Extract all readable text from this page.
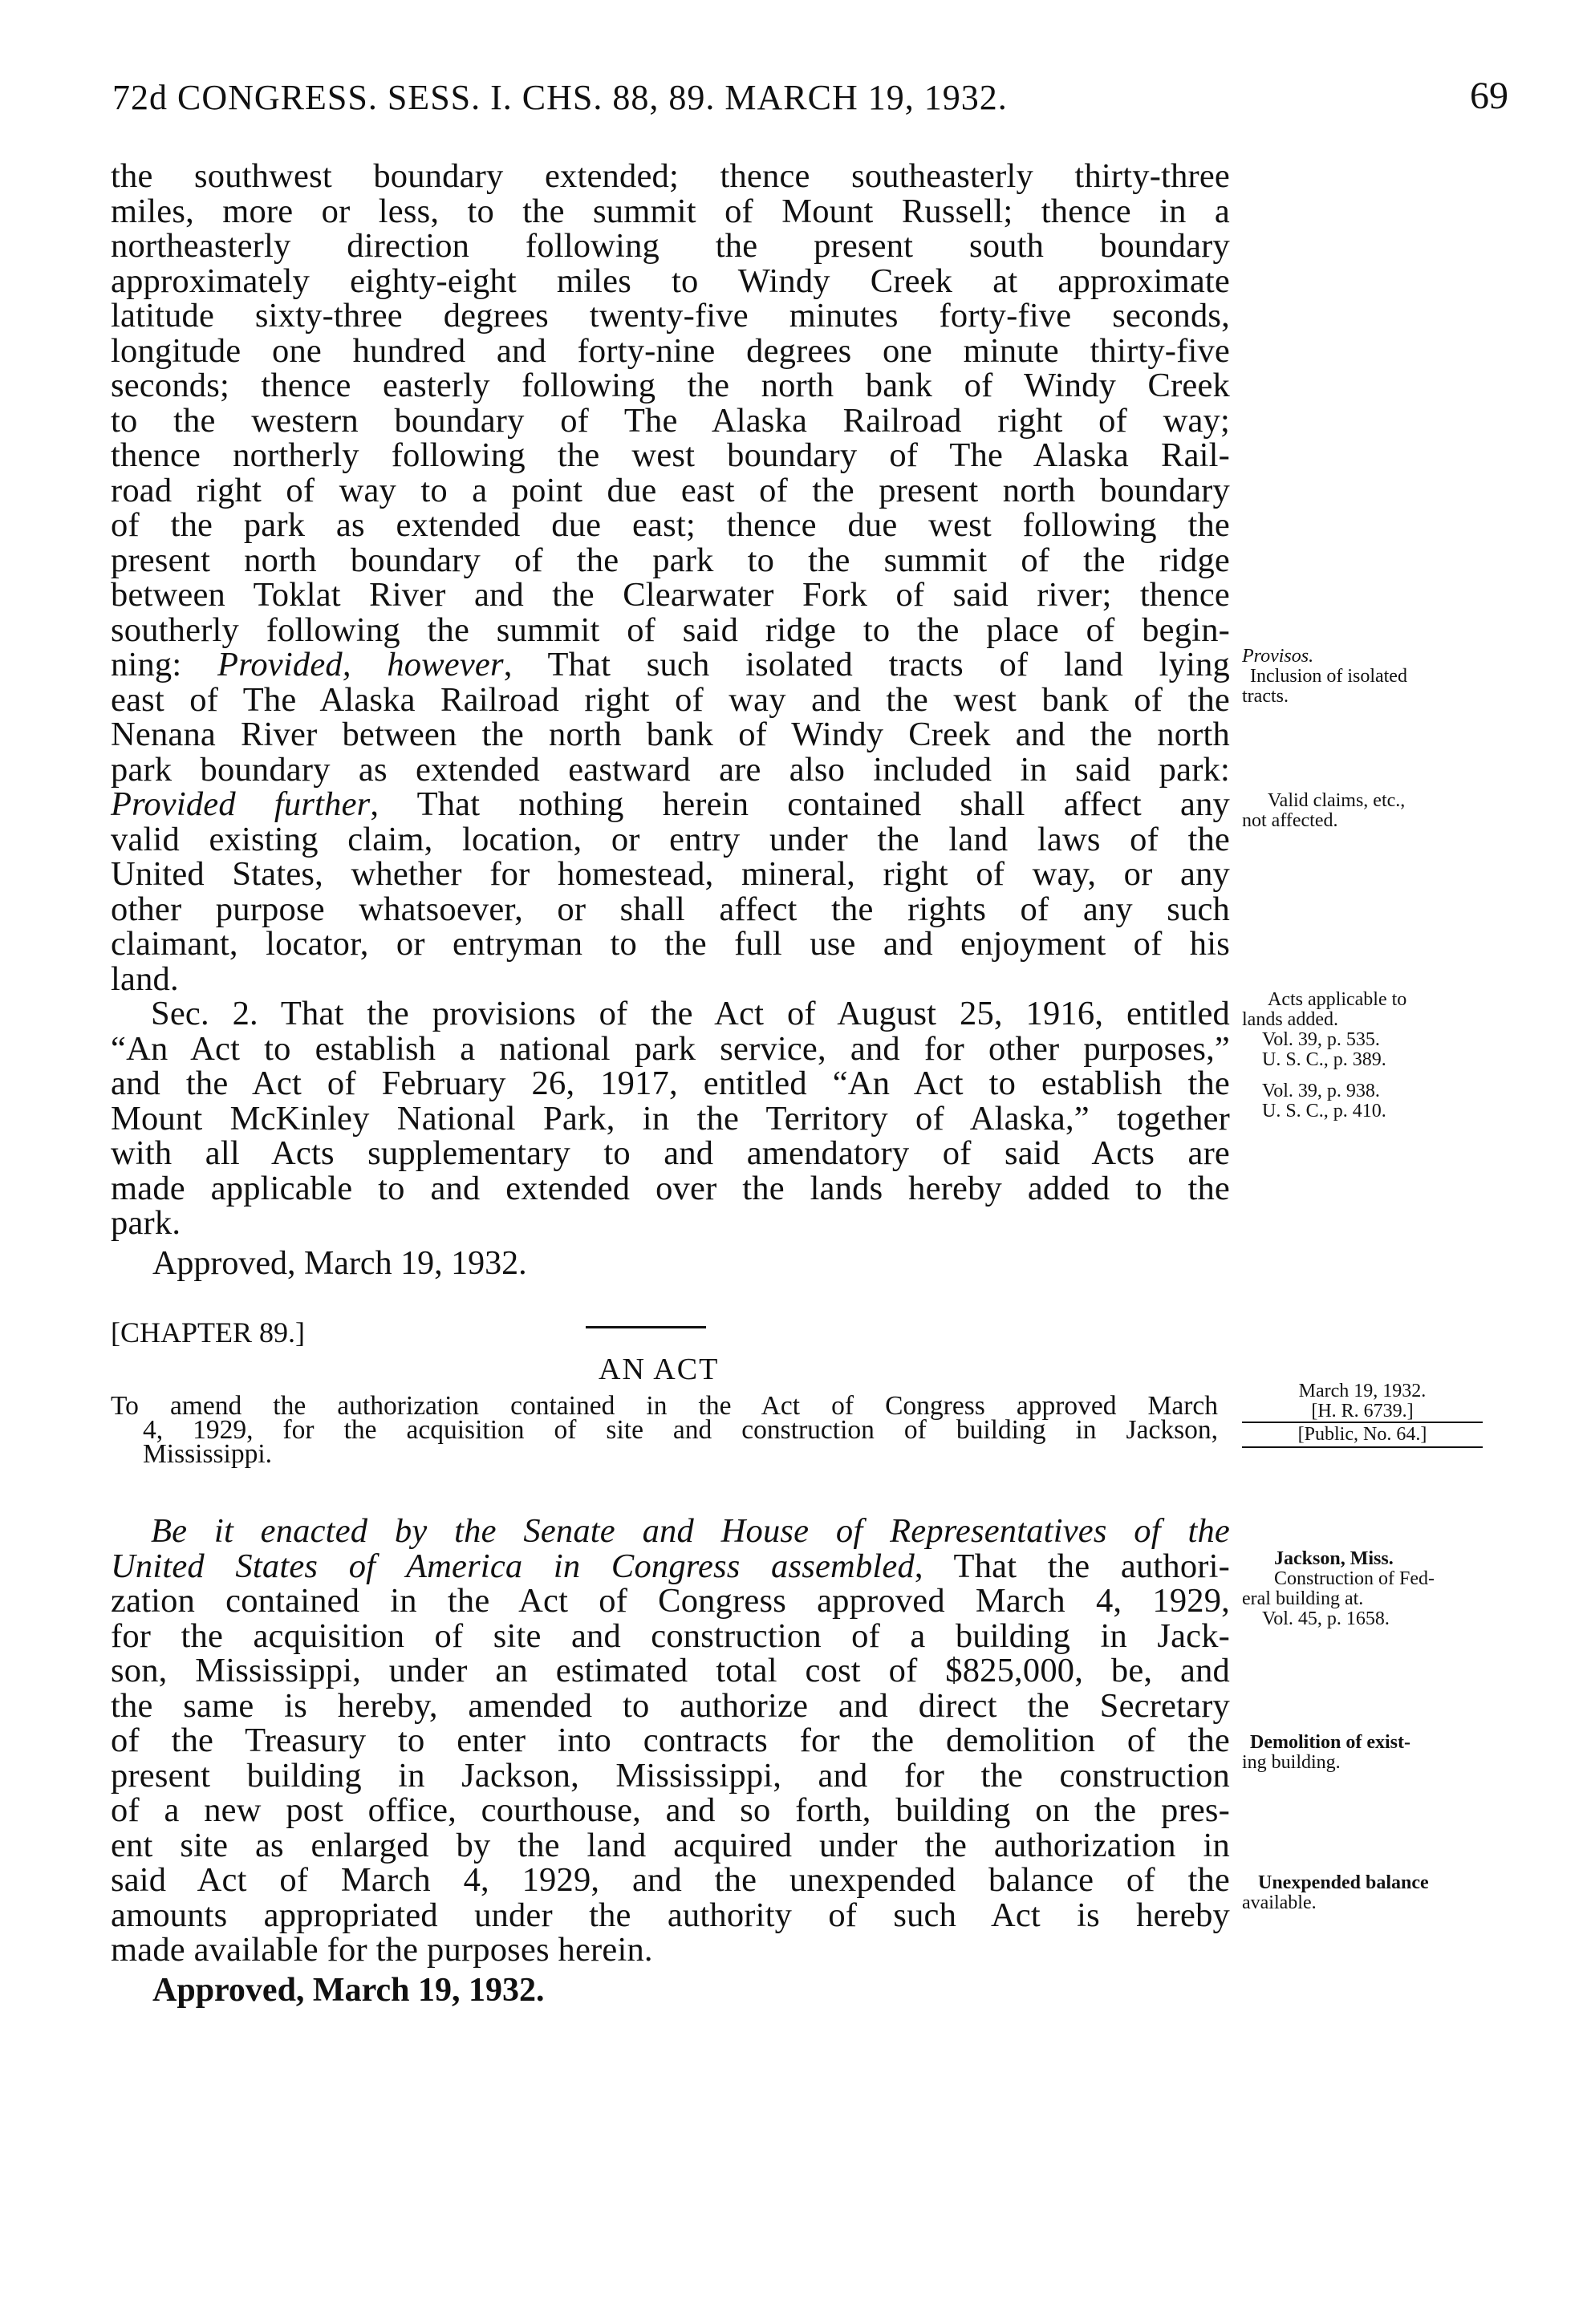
72d CONGRESS. SESS. I. CHS. 88, 89. MARCH 19, 1932.	69

the southwest boundary extended; thence southeasterly thirty-three

miles, more or less, to the summit of Mount Russell; thence in a

northeasterly direction following the present south boundary

approximately eighty-eight miles to Windy Creek at approximate

latitude sixty-three degrees twenty-five minutes forty-five seconds,

longitude one hundred and forty-nine degrees one minute thirty-five

seconds; thence easterly following the north bank of Windy Creek

to the western boundary of The Alaska Railroad right of way;

thence northerly following the west boundary of The Alaska Rail-

road right of way to a point due east of the present north boundary

of the park as extended due east; thence due west following the

present north boundary of the park to the summit of the ridge

between Toklat River and the Clearwater Fork of said river; thence

southerly following the summit of said ridge to the place of begin-

ning: Provided, however, That such isolated tracts of land lying

east of The Alaska Railroad right of way and the west bank of the

Nenana River between the north bank of Windy Creek and the north

park boundary as extended eastward are also included in said park:

Provided further, That nothing herein contained shall affect any

valid existing claim, location, or entry under the land laws of the

United States, whether for homestead, mineral, right of way, or any

other purpose whatsoever, or shall affect the rights of any such

claimant, locator, or entryman to the full use and enjoyment of his

land.

Sec. 2. That the provisions of the Act of August 25, 1916, entitled

“An Act to establish a national park service, and for other purposes,”

and the Act of February 26, 1917, entitled “An Act to establish the

Mount McKinley National Park, in the Territory of Alaska,” together

with all Acts supplementary to and amendatory of said Acts are

made applicable to and extended over the lands hereby added to the

park.

Approved, March 19, 1932.

[CHAPTER 89.]
AN ACT
To amend the authorization contained in the Act of Congress approved March
4, 1929, for the acquisition of site and construction of building in Jackson,
Mississippi.

Be it enacted by the Senate and House of Representatives of the

United States of America in Congress assembled, That the authori-

zation contained in the Act of Congress approved March 4, 1929,

for the acquisition of site and construction of a building in Jack-

son, Mississippi, under an estimated total cost of $825,000, be, and

the same is hereby, amended to authorize and direct the Secretary

of the Treasury to enter into contracts for the demolition of the

present building in Jackson, Mississippi, and for the construction

of a new post office, courthouse, and so forth, building on the pres-

ent site as enlarged by the land acquired under the authorization in

said Act of March 4, 1929, and the unexpended balance of the

amounts appropriated under the authority of such Act is hereby

made available for the purposes herein.

Approved, March 19, 1932.

Provisos.
Inclusion of isolated
tracts.
Valid claims, etc.,
not affected.
Acts applicable to
lands added.
Vol. 39, p. 535.
U. S. C., p. 389.
Vol. 39, p. 938.
U. S. C., p. 410.
March 19, 1932.
[H. R. 6739.]
[Public, No. 64.]
Jackson, Miss.
Construction of Fed-
eral building at.
Vol. 45, p. 1658.
Demolition of exist-
ing building.
Unexpended balance
available.
